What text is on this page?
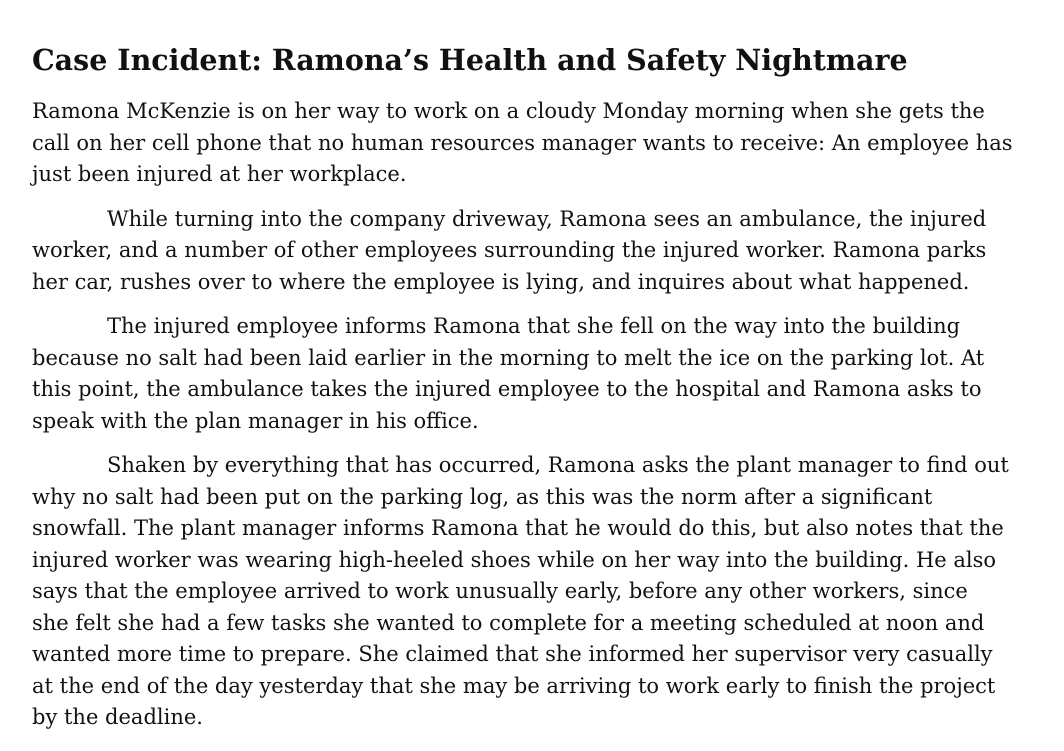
Case Incident: Ramona’s Health and Safety Nightmare

Ramona McKenzie is on her way to work on a cloudy Monday morning when she gets the
call on her cell phone that no human resources manager wants to receive: An employee has
just been injured at her workplace.

While turning into the company driveway, Ramona sees an ambulance, the injured
worker, and a number of other employees surrounding the injured worker. Ramona parks
her car, rushes over to where the employee is lying, and inquires about what happened.

The injured employee informs Ramona that she fell on the way into the building
because no salt had been laid earlier in the morning to melt the ice on the parking lot. At
this point, the ambulance takes the injured employee to the hospital and Ramona asks to
speak with the plan manager in his office.

Shaken by everything that has occurred, Ramona asks the plant manager to find out
why no salt had been put on the parking log, as this was the norm after a significant
snowfall. The plant manager informs Ramona that he would do this, but also notes that the
injured worker was wearing high-heeled shoes while on her way into the building. He also
says that the employee arrived to work unusually early, before any other workers, since
she felt she had a few tasks she wanted to complete for a meeting scheduled at noon and
wanted more time to prepare. She claimed that she informed her supervisor very casually
at the end of the day yesterday that she may be arriving to work early to finish the project
by the deadline.
